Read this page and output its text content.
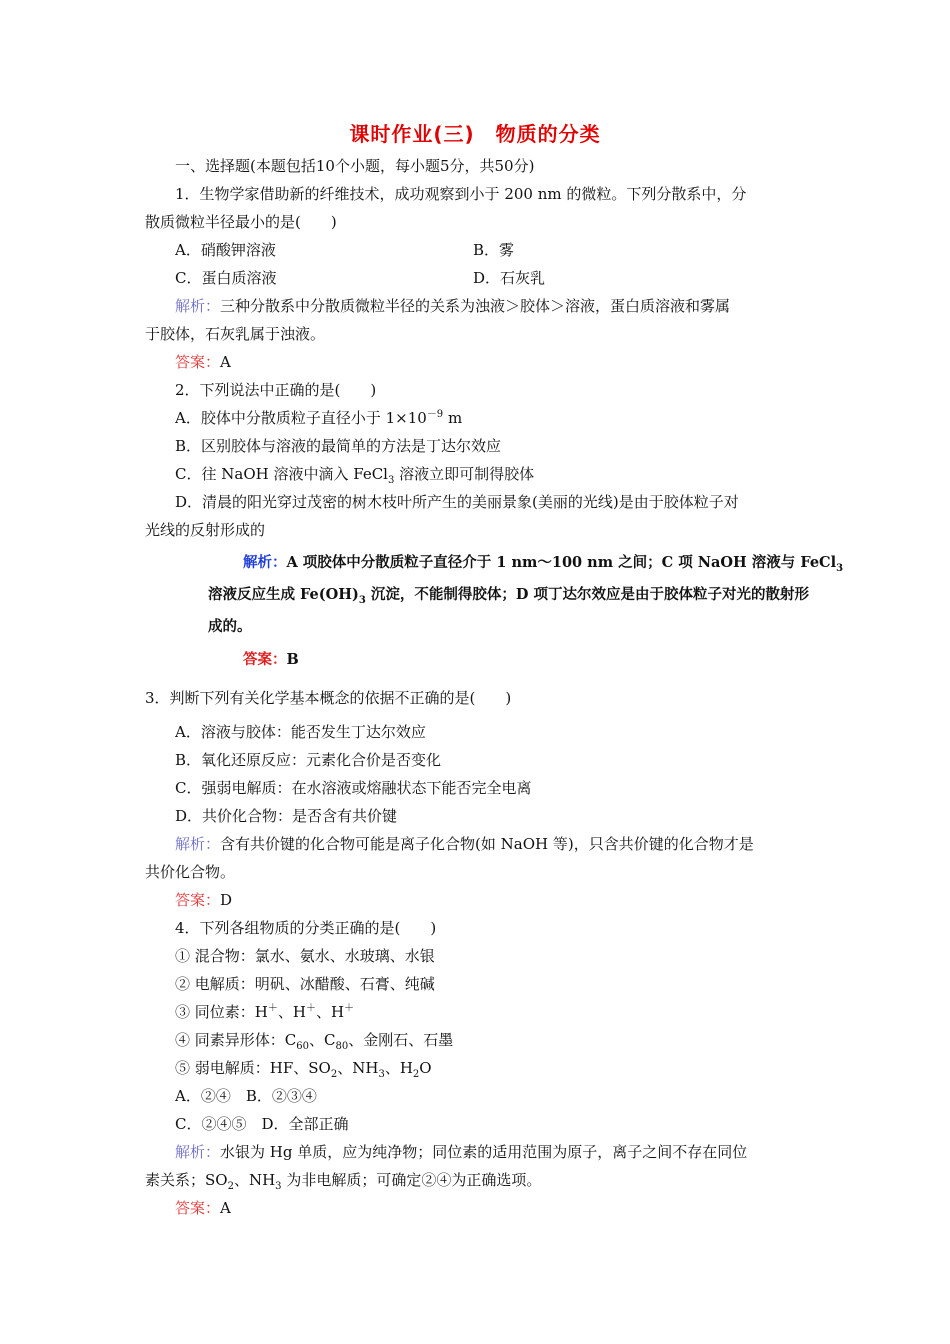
课时作业(三)　物质的分类
一、选择题(本题包括10个小题，每小题5分，共50分)
1．生物学家借助新的纤维技术，成功观察到小于 200 nm 的微粒。下列分散系中，分
散质微粒半径最小的是(　　)
A．硝酸钾溶液	B．雾
C．蛋白质溶液	D．石灰乳
解析：三种分散系中分散质微粒半径的关系为浊液＞胶体＞溶液，蛋白质溶液和雾属
于胶体，石灰乳属于浊液。
答案：A
2．下列说法中正确的是(　　)
A．胶体中分散质粒子直径小于 $1\times 10^{-9}$ m
B．区别胶体与溶液的最简单的方法是丁达尔效应
C．往 NaOH 溶液中滴入 FeCl$_3$ 溶液立即可制得胶体
D．清晨的阳光穿过茂密的树木枝叶所产生的美丽景象(美丽的光线)是由于胶体粒子对
光线的反射形成的
解析：A 项胶体中分散质粒子直径介于 1 nm～100 nm 之间；C 项 NaOH 溶液与 FeCl$_3$
溶液反应生成 $Fe(OH)_3$ 沉淀，不能制得胶体；D 项丁达尔效应是由于胶体粒子对光的散射形
成的。
答案：B
3．判断下列有关化学基本概念的依据不正确的是(　　)
A．溶液与胶体：能否发生丁达尔效应
B．氧化还原反应：元素化合价是否变化
C．强弱电解质：在水溶液或熔融状态下能否完全电离
D．共价化合物：是否含有共价键
解析：含有共价键的化合物可能是离子化合物(如 NaOH 等)，只含共价键的化合物才是
共价化合物。
答案：D
4．下列各组物质的分类正确的是(　　)
① 混合物：氯水、氨水、水玻璃、水银
② 电解质：明矾、冰醋酸、石膏、纯碱
③ 同位素：H＋、H＋、H＋
④ 同素异形体：$C_{60}$、$C_{80}$、金刚石、石墨
⑤ 弱电解质：HF、$SO_2$、$NH_3$、$H_2O$
A．②④　B．②③④
C．②④⑤　D．全部正确
解析：水银为 Hg 单质，应为纯净物；同位素的适用范围为原子，离子之间不存在同位
素关系；$SO_2$、$NH_3$ 为非电解质；可确定②④为正确选项。
答案：A
